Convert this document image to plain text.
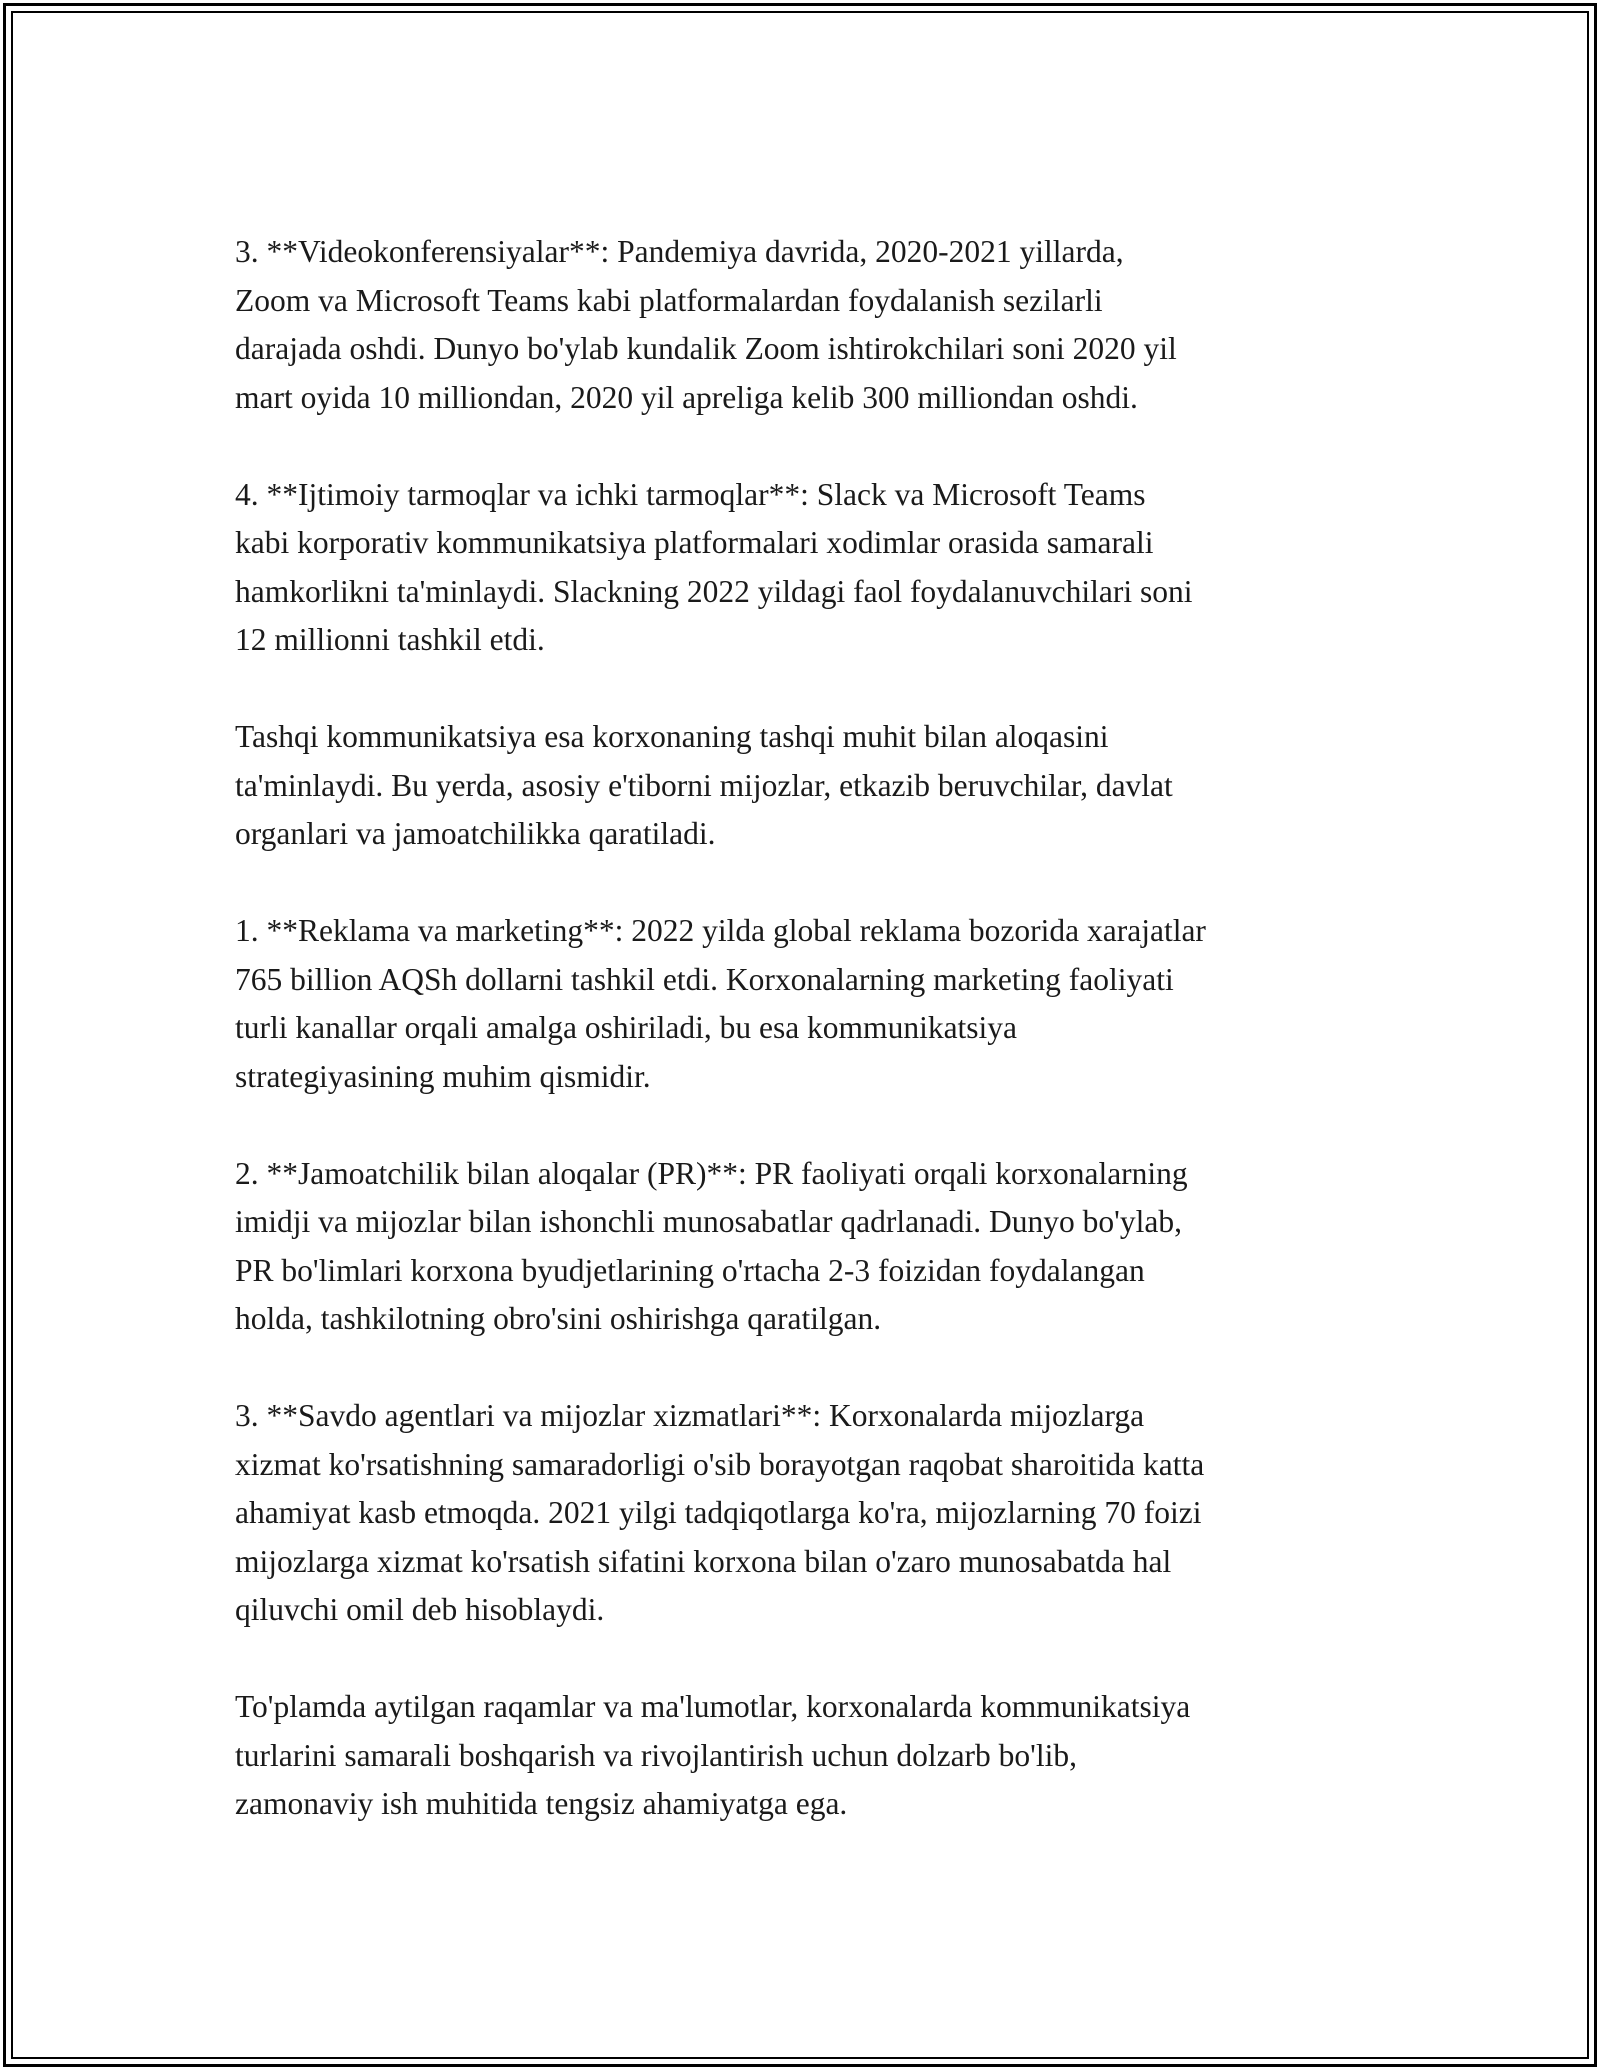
3. **Videokonferensiyalar**: Pandemiya davrida, 2020-2021 yillarda,
Zoom va Microsoft Teams kabi platformalardan foydalanish sezilarli
darajada oshdi. Dunyo bo'ylab kundalik Zoom ishtirokchilari soni 2020 yil
mart oyida 10 milliondan, 2020 yil apreliga kelib 300 milliondan oshdi.

4. **Ijtimoiy tarmoqlar va ichki tarmoqlar**: Slack va Microsoft Teams
kabi korporativ kommunikatsiya platformalari xodimlar orasida samarali
hamkorlikni ta'minlaydi. Slackning 2022 yildagi faol foydalanuvchilari soni
12 millionni tashkil etdi.

Tashqi kommunikatsiya esa korxonaning tashqi muhit bilan aloqasini
ta'minlaydi. Bu yerda, asosiy e'tiborni mijozlar, etkazib beruvchilar, davlat
organlari va jamoatchilikka qaratiladi.

1. **Reklama va marketing**: 2022 yilda global reklama bozorida xarajatlar
765 billion AQSh dollarni tashkil etdi. Korxonalarning marketing faoliyati
turli kanallar orqali amalga oshiriladi, bu esa kommunikatsiya
strategiyasining muhim qismidir.

2. **Jamoatchilik bilan aloqalar (PR)**: PR faoliyati orqali korxonalarning
imidji va mijozlar bilan ishonchli munosabatlar qadrlanadi. Dunyo bo'ylab,
PR bo'limlari korxona byudjetlarining o'rtacha 2-3 foizidan foydalangan
holda, tashkilotning obro'sini oshirishga qaratilgan.

3. **Savdo agentlari va mijozlar xizmatlari**: Korxonalarda mijozlarga
xizmat ko'rsatishning samaradorligi o'sib borayotgan raqobat sharoitida katta
ahamiyat kasb etmoqda. 2021 yilgi tadqiqotlarga ko'ra, mijozlarning 70 foizi
mijozlarga xizmat ko'rsatish sifatini korxona bilan o'zaro munosabatda hal
qiluvchi omil deb hisoblaydi.

To'plamda aytilgan raqamlar va ma'lumotlar, korxonalarda kommunikatsiya
turlarini samarali boshqarish va rivojlantirish uchun dolzarb bo'lib,
zamonaviy ish muhitida tengsiz ahamiyatga ega.
